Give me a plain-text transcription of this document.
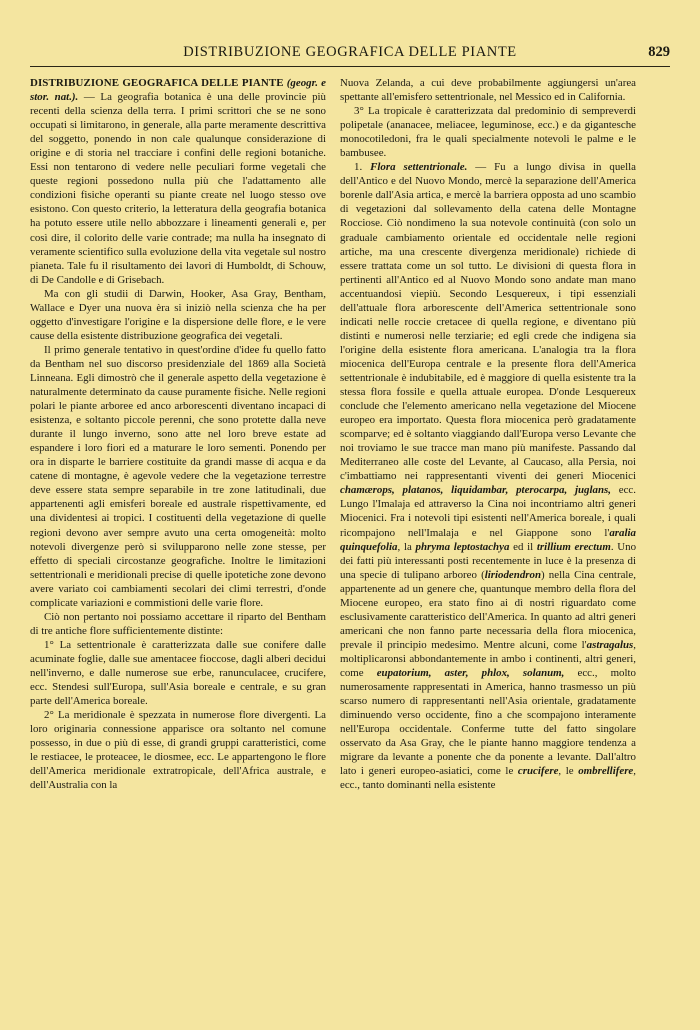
DISTRIBUZIONE GEOGRAFICA DELLE PIANTE	829

DISTRIBUZIONE GEOGRAFICA DELLE PIANTE (geogr. e stor. nat.). — La geografia botanica è una delle provincie più recenti della scienza della terra. I primi scrittori che se ne sono occupati si limitarono, in generale, alla parte meramente descrittiva del soggetto, ponendo in non cale qualunque considerazione di origine e di storia nel tracciare i confini delle regioni botaniche. Essi non tentarono di vedere nelle peculiari forme vegetali che queste regioni possedono nulla più che l'adattamento alle condizioni fisiche operanti su piante create nel luogo stesso ove esistono. Con questo criterio, la letteratura della geografia botanica ha potuto essere utile nello abbozzare i lineamenti generali e, per così dire, il colorito delle varie contrade; ma nulla ha insegnato di veramente scientifico sulla evoluzione della vita vegetale sul nostro pianeta. Tale fu il risultamento dei lavori di Humboldt, di Schouw, di De Candolle e di Grisebach.

Ma con gli studii di Darwin, Hooker, Asa Gray, Bentham, Wallace e Dyer una nuova èra si iniziò nella scienza che ha per oggetto d'investigare l'origine e la dispersione delle flore, e le vere cause della esistente distribuzione geografica dei vegetali.

Il primo generale tentativo in quest'ordine d'idee fu quello fatto da Bentham nel suo discorso presidenziale del 1869 alla Società Linneana. Egli dimostrò che il generale aspetto della vegetazione è naturalmente determinato da cause puramente fisiche. Nelle regioni polari le piante arboree ed anco arborescenti diventano incapaci di esistenza, e soltanto piccole perenni, che sono protette dalla neve durante il lungo inverno, sono atte nel loro breve estate ad espandere i loro fiori ed a maturare le loro sementi. Ponendo per ora in disparte le barriere costituite da grandi masse di acqua e da catene di montagne, è agevole vedere che la vegetazione terrestre deve essere stata sempre separabile in tre zone latitudinali, due appartenenti agli emisferi boreale ed australe rispettivamente, ed una dividentesi ai tropici. I costituenti della vegetazione di quelle regioni devono aver sempre avuto una certa omogeneità: molto notevoli divergenze però si svilupparono nelle zone stesse, per effetto di speciali circostanze geografiche. Inoltre le limitazioni settentrionali e meridionali precise di quelle ipotetiche zone devono avere variato coi cambiamenti secolari dei climi terrestri, d'onde complicate variazioni e commistioni delle varie flore.

Ciò non pertanto noi possiamo accettare il riparto del Bentham di tre antiche flore sufficientemente distinte:

1° La settentrionale è caratterizzata dalle sue conifere dalle acuminate foglie, dalle sue amentacee fioccose, dagli alberi decidui nell'inverno, e dalle numerose sue erbe, ranunculacee, crucifere, ecc. Stendesi sull'Europa, sull'Asia boreale e centrale, e su gran parte dell'America boreale.

2° La meridionale è spezzata in numerose flore divergenti. La loro originaria connessione apparisce ora soltanto nel comune possesso, in due o più di esse, di grandi gruppi caratteristici, come le restiacee, le proteacee, le diosmee, ecc. Le appartengono le flore dell'America meridionale extratropicale, dell'Africa australe, e dell'Australia con la

Nuova Zelanda, a cui deve probabilmente aggiungersi un'area spettante all'emisfero settentrionale, nel Messico ed in California.

3° La tropicale è caratterizzata dal predominio di sempreverdi polipetale (ananacee, meliacee, leguminose, ecc.) e da gigantesche monocotiledoni, fra le quali specialmente notevoli le palme e le bambusee.

1. Flora settentrionale. — Fu a lungo divisa in quella dell'Antico e del Nuovo Mondo, mercè la separazione dell'America borenle dall'Asia artica, e mercè la barriera opposta ad uno scambio di vegetazioni dal sollevamento della catena delle Montagne Rocciose. Ciò nondimeno la sua notevole continuità (con solo un graduale cambiamento orientale ed occidentale nelle regioni artiche, ma una crescente divergenza meridionale) richiede di essere trattata come un sol tutto. Le divisioni di questa flora in pertinenti all'Antico ed al Nuovo Mondo sono andate man mano accentuandosi viepiù. Secondo Lesquereux, i tipi essenziali dell'attuale flora arborescente dell'America settentrionale sono indicati nelle roccie cretacee di quella regione, e diventano più distinti e numerosi nelle terziarie; ed egli crede che indigena sia l'origine della esistente flora americana. L'analogia tra la flora miocenica dell'Europa centrale e la presente flora dell'America settentrionale è indubitabile, ed è maggiore di quella esistente tra la stessa flora fossile e quella attuale europea. D'onde Lesquereux conclude che l'elemento americano nella vegetazione del Miocene europeo era importato. Questa flora miocenica però gradatamente scomparve; ed è soltanto viaggiando dall'Europa verso Levante che noi troviamo le sue tracce man mano più manifeste. Passando dal Mediterraneo alle coste del Levante, al Caucaso, alla Persia, noi c'imbattiamo nei rappresentanti viventi dei generi Miocenici chamærops, platanos, liquidambar, pterocarpa, juglans, ecc. Lungo l'Imalaja ed attraverso la Cina noi incontriamo altri generi Miocenici. Fra i notevoli tipi esistenti nell'America boreale, i quali ricompajono nell'Imalaja e nel Giappone sono l'aralia quinquefolia, la phryma leptostachya ed il trillium erectum. Uno dei fatti più interessanti posti recentemente in luce è la presenza di una specie di tulipano arboreo (liriodendron) nella Cina centrale, appartenente ad un genere che, quantunque membro della flora del Miocene europeo, era stato fino ai dì nostri riguardato come esclusivamente caratteristico dell'America. In quanto ad altri generi americani che non fanno parte necessaria della flora miocenica, prevale il principio medesimo. Mentre alcuni, come l'astragalus, moltiplicaronsi abbondantemente in ambo i continenti, altri generi, come eupatorium, aster, phlox, solanum, ecc., molto numerosamente rappresentati in America, hanno trasmesso un più scarso numero di rappresentanti nell'Asia orientale, gradatamente diminuendo verso occidente, fino a che scompajono interamente nell'Europa occidentale. Conferme tutte del fatto singolare osservato da Asa Gray, che le piante hanno maggiore tendenza a migrare da levante a ponente che da ponente a levante. Dall'altro lato i generi europeo-asiatici, come le crucifere, le ombrellifere, ecc., tanto dominanti nella esistente
